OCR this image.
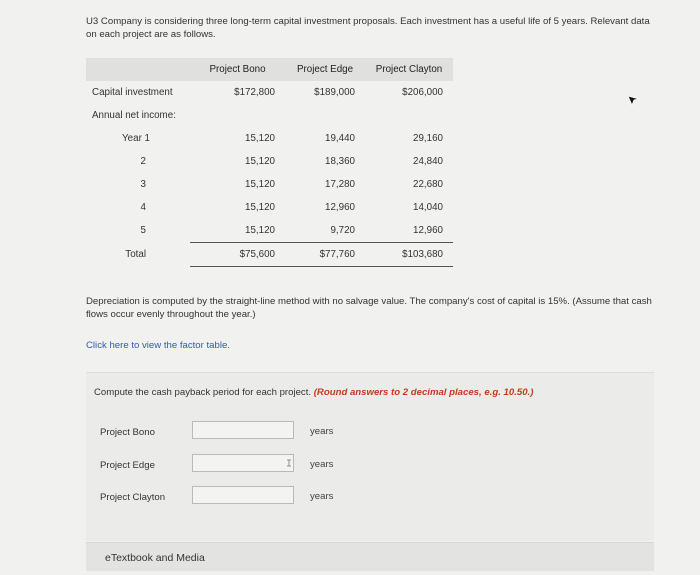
U3 Company is considering three long-term capital investment proposals. Each investment has a useful life of 5 years. Relevant data on each project are as follows.
	Project Bono	Project Edge	Project Clayton
Capital investment	$172,800	$189,000	$206,000
Annual net income:			
Year 1	15,120	19,440	29,160
2	15,120	18,360	24,840
3	15,120	17,280	22,680
4	15,120	12,960	14,040
5	15,120	9,720	12,960
Total	$75,600	$77,760	$103,680
Depreciation is computed by the straight-line method with no salvage value. The company's cost of capital is 15%. (Assume that cash flows occur evenly throughout the year.)
Click here to view the factor table.
Compute the cash payback period for each project. (Round answers to 2 decimal places, e.g. 10.50.)
Project Bono	years
Project Edge	years
Project Clayton	years
eTextbook and Media
